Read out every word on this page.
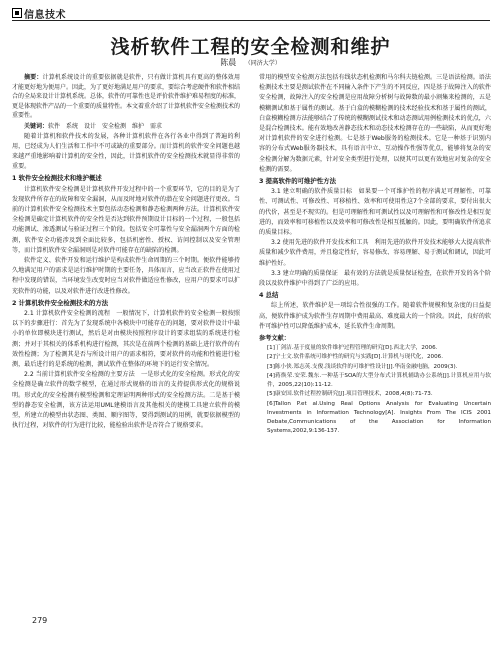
信息技术
浅析软件工程的安全检测和维护
陈晨 （同济大学）

摘要：计算机系统设计的重要依据就是软件，只有做计算机具有更高的整体效用才能更好地为便用户。因此，为了更好地满足用户的要求，要综合考虑硬件和软件相结合的全局来设计计算机系统。总体，软件的可靠性也是评价软件维护难易程度的标准，更是体现软件产品的一个重要的质量特性。本文着重介绍了计算机软件安全检测技术的重要性。

关键词：软件　系统　设计　安全检测　维护　需求

随着计算机和软件技术的发展，各种计算机软件在各行各业中得到了普遍的利用，已经成为人们生活和工作中不可或缺的重要部分。而计算机的软件安全问题也越来越严重地影响着计算机的安全性，因此，计算机软件的安全检测技术就显得非常的重要。

1 软件安全检测技术和维护概述

计算机软件安全检测是计算机软件开发过程中的一个重要环节，它的目的是为了发现软件所存在的故障和安全漏洞，从而及时地对软件的潜在安全问题进行更改。当前的计算机软件安全检测技术主要包括动态检测和静态检测两种方法。计算机软件安全检测是确定计算机软件的安全性是否达到软件预期设计目标的一个过程，一般包括功能测试、渗透测试与验证过程三个阶段。包括安全可靠性与安全漏洞两个方面的检测，软件安全功能涉及到全面比较多，包括机密性、授权、访问控制以及安全管理等，而计算机软件安全漏洞则是对软件可能存在的缺陷的检测。

软件定义、软件开发和运行维护是构成软件生命周期的三个时期。便软件能够持久地满足用户的需求是运行维护时期的主要任务，具体而言，应当改正软件在使用过程中发现的错误，当环境发生改变时应当对软件做适应性修改，应用户的要求可以扩充软件的功能，以及对软件进行改进性修改。

2 计算机软件安全检测技术的方法

2.1 计算机软件安全检测的流程　一般情况下，计算机软件的安全检测一般按照以下的步骤进行：首先为了发现系统中各模块中可能存在的问题，要对软件设计中最小的单位即模块进行测试，然后是对由模块按照程序设计的要求组装的系统进行检测；并对于其相关的体系机构进行检测，其次是在前两个检测的基础上进行软件的有效性检测；为了检测其是否与所设计用户的需求相符，要对软件的功能和性能进行检测，最后进行的是系统的检测，测试软件在整体的环境下的运行安全情况。

2.2 当前计算机软件安全检测的主要方法　一是形式化的安全检测。形式化的安全检测是确立软件的数学模型，在通过形式规格的语言的支持提供形式化的规格说明。形式化的安全检测有模型检测和定理证明两种形式的安全检测方法。二是基于模型的静态安全检测，该方法运用UML建模语言及其他相关的建模工具建立软件的模型，所建立的模型由状态图、类图、顺序图等，要得到测试的用例，就要依据模型的执行过程，对软件的行为进行比较，能检验出软件是否符合了规格要求。

常用的模型安全检测方法包括有线状态机检测和马尔科夫链检测。三是语法检测。语法检测技术主要是测试软件在不同输入条件下产生的不同反应，四是基于故障注入的软件安全检测，故障注入的安全检测是应用故障分析树与故障数的最小割集来检测的，五是模糊测试和基于属性的测试。基于白盒的模糊检测的技术经验技术和基于属性的测试，白盒模糊检测方法能够结合了传统的模糊测试技术和动态测试用例检测技术的优点，六是混合检测技术。能有效地改善静态技术和动态技术检测存在的一些缺陷，从而更好地对计算机软件的安全进行检测。七是基于Web服务的检测技术。它是一种基于识别内容的分布式Web服务器技术，具有语言中立、互动操作性强等优点，能够将复杂的安全检测分解为数据元素，针对安全类型进行处理，以便其可以更有效地应对复杂的安全检测的需要。

3 提高软件的可维护性方法

3.1 建立明确的软件质量目标　如果要一个可维护性的程序满足可理解性、可靠性、可测试性、可修改性、可移植性、效率和可使用性这7个全部的要求，要付出很大的代价，甚至是不现实的。但是可理解性和可测试性以及可理解性和可修改性是相互促进的，而效率和可移植性以及效率和可修改性是相互抵触的。因此，要明确软件所追求的质量目标。

3.2 使用先进的软件开发技术和工具　利用先进的软件开发技术能够大大提高软件质量和减少软件费用，并且稳定性好，容易修改、容易理解、易于测试和调试，因此可维护性好。

3.3 建立明确的质量保证　最有效的方法就是质量保证检查，在软件开发的各个阶段以及软件维护中得到了广泛的应用。

4 总结

综上所述，软件维护是一项综合性很强的工作。随着软件规模和复杂度的日益提高，便软件维护成为软件生存周期中费用最高、难度最大的一个阶段。因此，良好的软件可维护性可以降低维护成本，延长软件生命周期。

参考文献：

[1]丁剑洁.基于度量的软件维护过程管理的研究[D].西北大学，2006.

[2]宁士文.软件系统可维护性的研究与实践[D].计算机与现代化，2006.

[3]陈小侠.郑志英.支俊.浅谈软件的可维护性设计[J].华南金融电脑，2009(3).

[4]蒋焕荣.安荣.魏东.一种基于SOA的大型分布式计算机辅助办公系统[J].计算机应用与软件，2005,22(10):11-12.

[5]康安国.软件过程控制研究[J].项目管理技术，2008,4(8):71-73.

[6]Tallon P.et al.Using Real Options Analysis for Evaluating Uncertain Investments in Information Technology[A]. Insights From The ICIS 2001 Debate,Communications of the Association for Information Systems,2002,9:136-137.

279
